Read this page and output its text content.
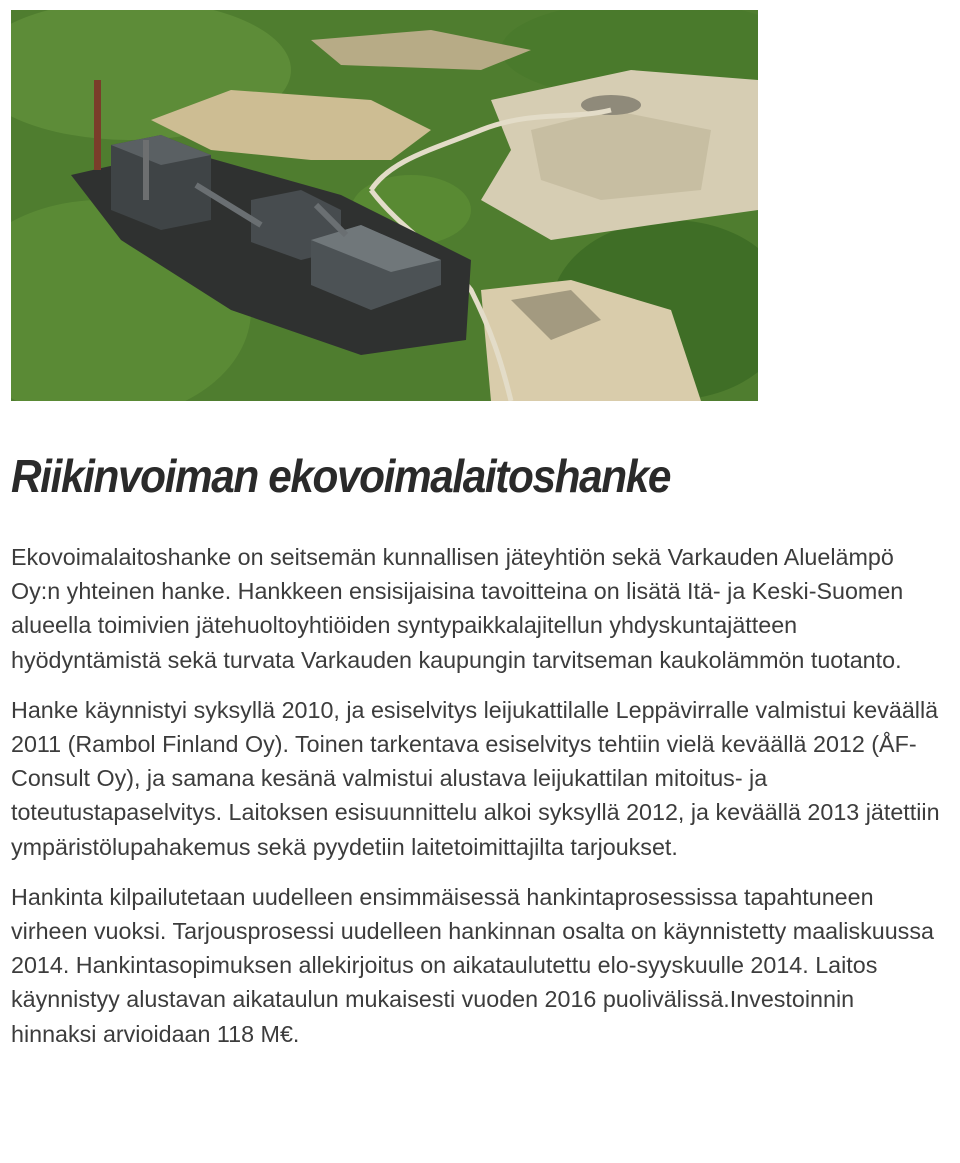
Riikinvoiman ekovoimalaitoshanke

Ekovoimalaitoshanke on seitsemän kunnallisen jäteyhtiön sekä Varkauden Aluelämpö Oy:n yhteinen hanke. Hankkeen ensisijaisina tavoitteina on lisätä Itä- ja Keski-Suomen alueella toimivien jätehuoltoyhtiöiden syntypaikkalajitellun yhdyskuntajätteen hyödyntämistä sekä turvata Varkauden kaupungin tarvitseman kaukolämmön tuotanto.

Hanke käynnistyi syksyllä 2010, ja esiselvitys leijukattilalle Leppävirralle valmistui keväällä 2011 (Rambol Finland Oy). Toinen tarkentava esiselvitys tehtiin vielä keväällä 2012 (ÅF-Consult Oy), ja samana kesänä valmistui alustava leijukattilan mitoitus- ja toteutustapaselvitys. Laitoksen esisuunnittelu alkoi syksyllä 2012, ja keväällä 2013 jätettiin ympäristölupahakemus sekä pyydetiin laitetoimittajilta tarjoukset.

Hankinta kilpailutetaan uudelleen ensimmäisessä hankintaprosessissa tapahtuneen virheen vuoksi. Tarjousprosessi uudelleen hankinnan osalta on käynnistetty maaliskuussa 2014. Hankintasopimuksen allekirjoitus on aikataulutettu elo-syyskuulle 2014. Laitos käynnistyy alustavan aikataulun mukaisesti vuoden 2016 puolivälissä.Investoinnin hinnaksi arvioidaan 118 M€.
